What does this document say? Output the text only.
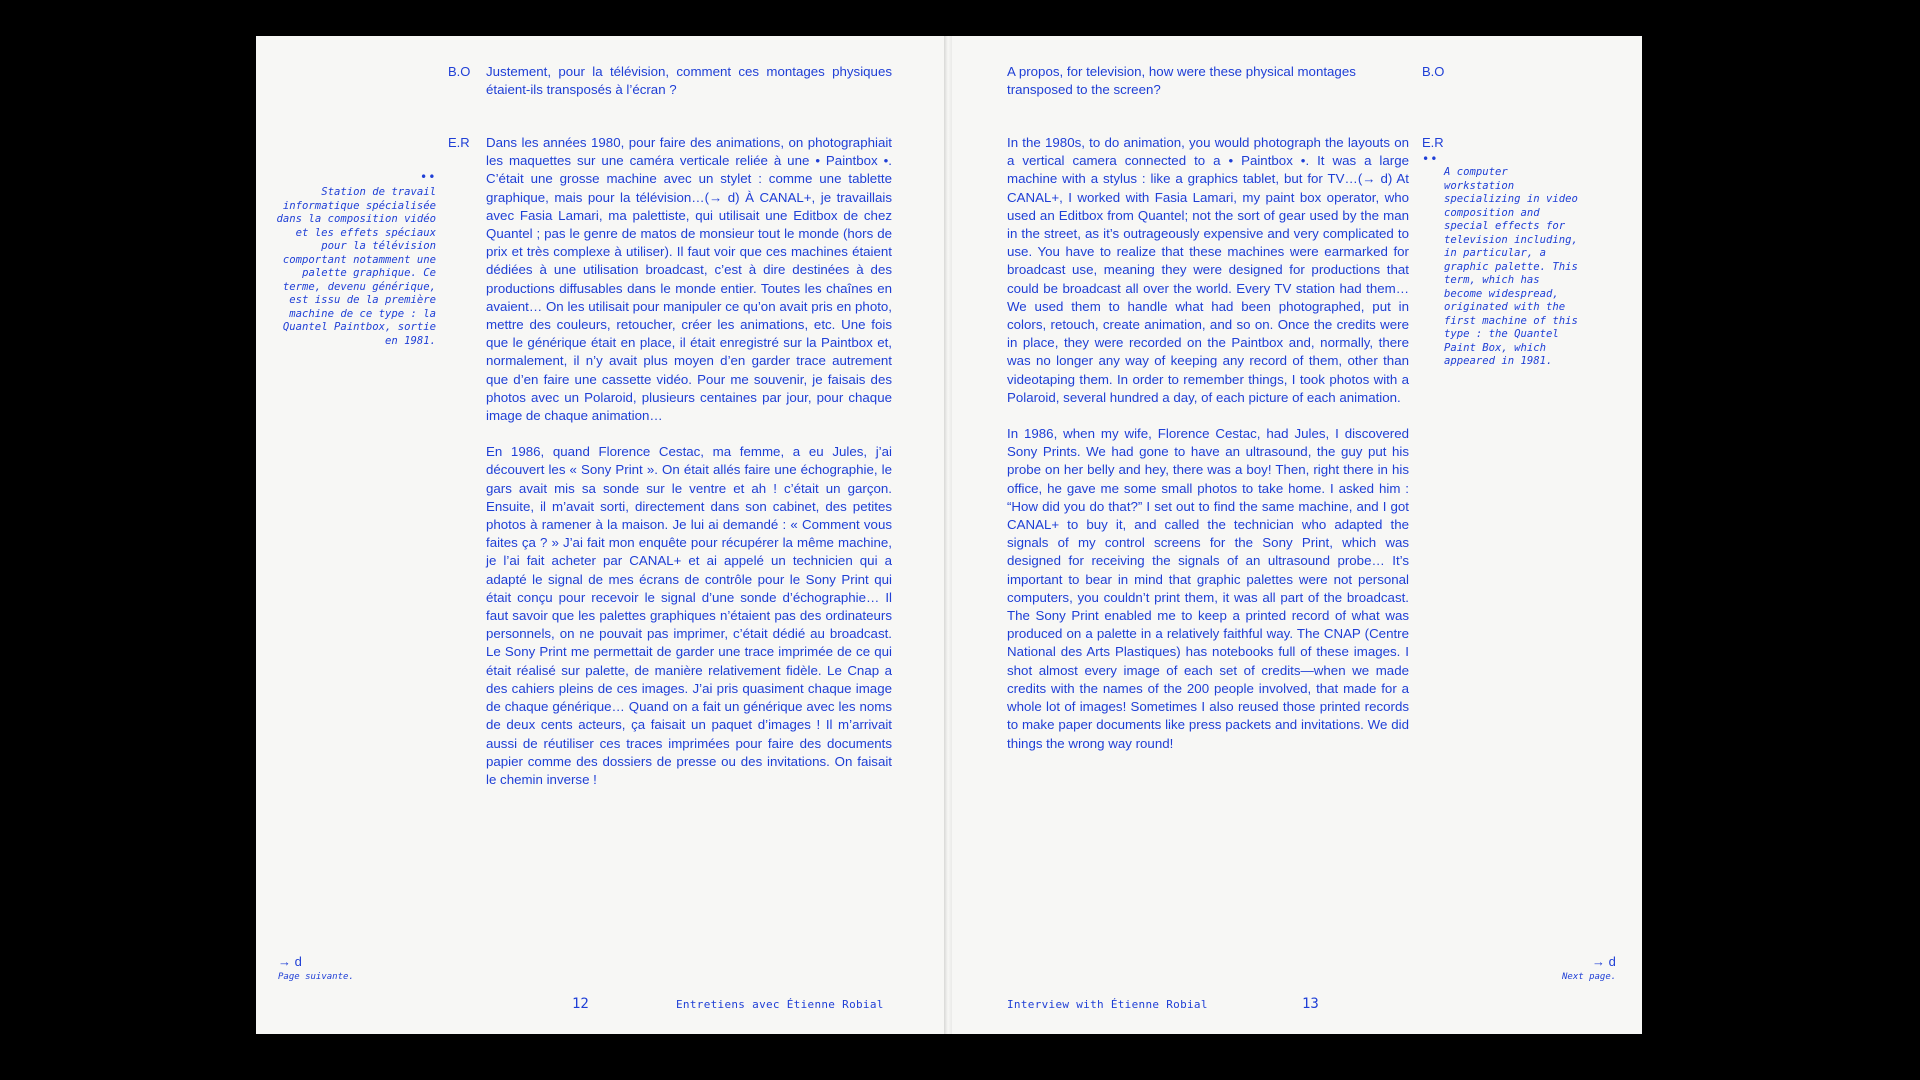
B.O Justement, pour la télévision, comment ces montages physiques étaient-ils transposés à l’écran ?
E.R
••
Station de travail informatique spécialisée dans la composition vidéo et les effets spéciaux pour la télévision comportant notamment une palette graphique. Ce terme, devenu générique, est issu de la première machine de ce type : la Quantel Paintbox, sortie en 1981.

Dans les années 1980, pour faire des animations, on photographiait les maquettes sur une caméra verticale reliée à une • Paintbox •. C’était une grosse machine avec un stylet : comme une tablette graphique, mais pour la télévision…(→ d) À CANAL+, je travaillais avec Fasia Lamari, ma palettiste, qui utilisait une Editbox de chez Quantel ; pas le genre de matos de monsieur tout le monde (hors de prix et très complexe à utiliser). Il faut voir que ces machines étaient dédiées à une utilisation broadcast, c’est à dire destinées à des productions diffusables dans le monde entier. Toutes les chaînes en avaient… On les utilisait pour manipuler ce qu’on avait pris en photo, mettre des couleurs, retoucher, créer les animations, etc. Une fois que le générique était en place, il était enregistré sur la Paintbox et, normalement, il n’y avait plus moyen d’en garder trace autrement que d’en faire une cassette vidéo. Pour me souvenir, je faisais des photos avec un Polaroid, plusieurs centaines par jour, pour chaque image de chaque animation…

En 1986, quand Florence Cestac, ma femme, a eu Jules, j’ai découvert les « Sony Print ». On était allés faire une échographie, le gars avait mis sa sonde sur le ventre et ah ! c’était un garçon. Ensuite, il m’avait sorti, directement dans son cabinet, des petites photos à ramener à la maison. Je lui ai demandé : « Comment vous faites ça ? » J’ai fait mon enquête pour récupérer la même machine, je l’ai fait acheter par CANAL+ et ai appelé un technicien qui a adapté le signal de mes écrans de contrôle pour le Sony Print qui était conçu pour recevoir le signal d’une sonde d’échographie… Il faut savoir que les palettes graphiques n’étaient pas des ordinateurs personnels, on ne pouvait pas imprimer, c’était dédié au broadcast. Le Sony Print me permettait de garder une trace imprimée de ce qui était réalisé sur palette, de manière relativement fidèle. Le Cnap a des cahiers pleins de ces images. J’ai pris quasiment chaque image de chaque générique… Quand on a fait un générique avec les noms de deux cents acteurs, ça faisait un paquet d’images ! Il m’arrivait aussi de réutiliser ces traces imprimées pour faire des documents papier comme des dossiers de presse ou des invitations. On faisait le chemin inverse !

→ d
Page suivante.
12	Entretiens avec Étienne Robial
A propos, for television, how were these physical montages transposed to the screen?
B.O
E.R
••
A computer workstation specializing in video composition and special effects for television including, in particular, a graphic palette. This term, which has become widespread, originated with the first machine of this type : the Quantel Paint Box, which appeared in 1981.

In the 1980s, to do animation, you would photograph the layouts on a vertical camera connected to a • Paintbox •. It was a large machine with a stylus : like a graphics tablet, but for TV…(→ d) At CANAL+, I worked with Fasia Lamari, my paint box operator, who used an Editbox from Quantel; not the sort of gear used by the man in the street, as it’s outrageously expensive and very complicated to use. You have to realize that these machines were earmarked for broadcast use, meaning they were designed for productions that could be broadcast all over the world. Every TV station had them… We used them to handle what had been photographed, put in colors, retouch, create animation, and so on. Once the credits were in place, they were recorded on the Paintbox and, normally, there was no longer any way of keeping any record of them, other than videotaping them. In order to remember things, I took photos with a Polaroid, several hundred a day, of each picture of each animation.

In 1986, when my wife, Florence Cestac, had Jules, I discovered Sony Prints. We had gone to have an ultrasound, the guy put his probe on her belly and hey, there was a boy! Then, right there in his office, he gave me some small photos to take home. I asked him : “How did you do that?” I set out to find the same machine, and I got CANAL+ to buy it, and called the technician who adapted the signals of my control screens for the Sony Print, which was designed for receiving the signals of an ultrasound probe… It’s important to bear in mind that graphic palettes were not personal computers, you couldn’t print them, it was all part of the broadcast. The Sony Print enabled me to keep a printed record of what was produced on a palette in a relatively faithful way. The CNAP (Centre National des Arts Plastiques) has notebooks full of these images. I shot almost every image of each set of credits—when we made credits with the names of the 200 people involved, that made for a whole lot of images! Sometimes I also reused those printed records to make paper documents like press packets and invitations. We did things the wrong way round!

→ d
Next page.
Interview with Étienne Robial	13
